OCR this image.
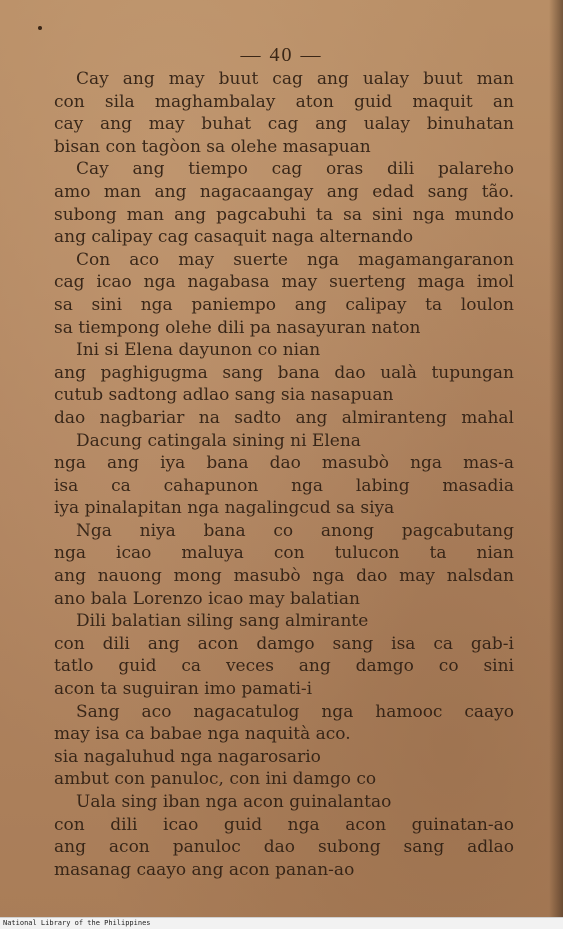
— 40 —
Cay ang may buut cag ang ualay buut man
con sila maghambalay aton guid maquit an
cay ang may buhat cag ang ualay binuhatan
bisan con tagòon sa olehe masapuan
Cay ang tiempo cag oras dili palareho
amo man ang nagacaangay ang edad sang tão.
subong man ang pagcabuhi ta sa sini nga mundo
ang calipay cag casaquit naga alternando
Con aco may suerte nga magamangaranon
cag icao nga nagabasa may suerteng maga imol
sa sini nga paniempo ang calipay ta loulon
sa tiempong olehe dili pa nasayuran naton
Ini si Elena dayunon co nian
ang paghigugma sang bana dao ualà tupungan
cutub sadtong adlao sang sia nasapuan
dao nagbariar na sadto ang almiranteng mahal
Dacung catingala sining ni Elena
nga ang iya bana dao masubò nga mas-a
isa ca cahapunon nga labing masadia
iya pinalapitan nga nagalingcud sa siya
Nga niya bana co anong pagcabutang
nga icao maluya con tulucon ta nian
ang nauong mong masubò nga dao may nalsdan
ano bala Lorenzo icao may balatian
Dili balatian siling sang almirante
con dili ang acon damgo sang isa ca gab-i
tatlo guid ca veces ang damgo co sini
acon ta suguiran imo pamati-i
Sang aco nagacatulog nga hamooc caayo
may isa ca babae nga naquità aco.
sia nagaluhud nga nagarosario
ambut con panuloc, con ini damgo co
Uala sing iban nga acon guinalantao
con dili icao guid nga acon guinatan-ao
ang acon panuloc dao subong sang adlao
masanag caayo ang acon panan-ao
National Library of the Philippines
